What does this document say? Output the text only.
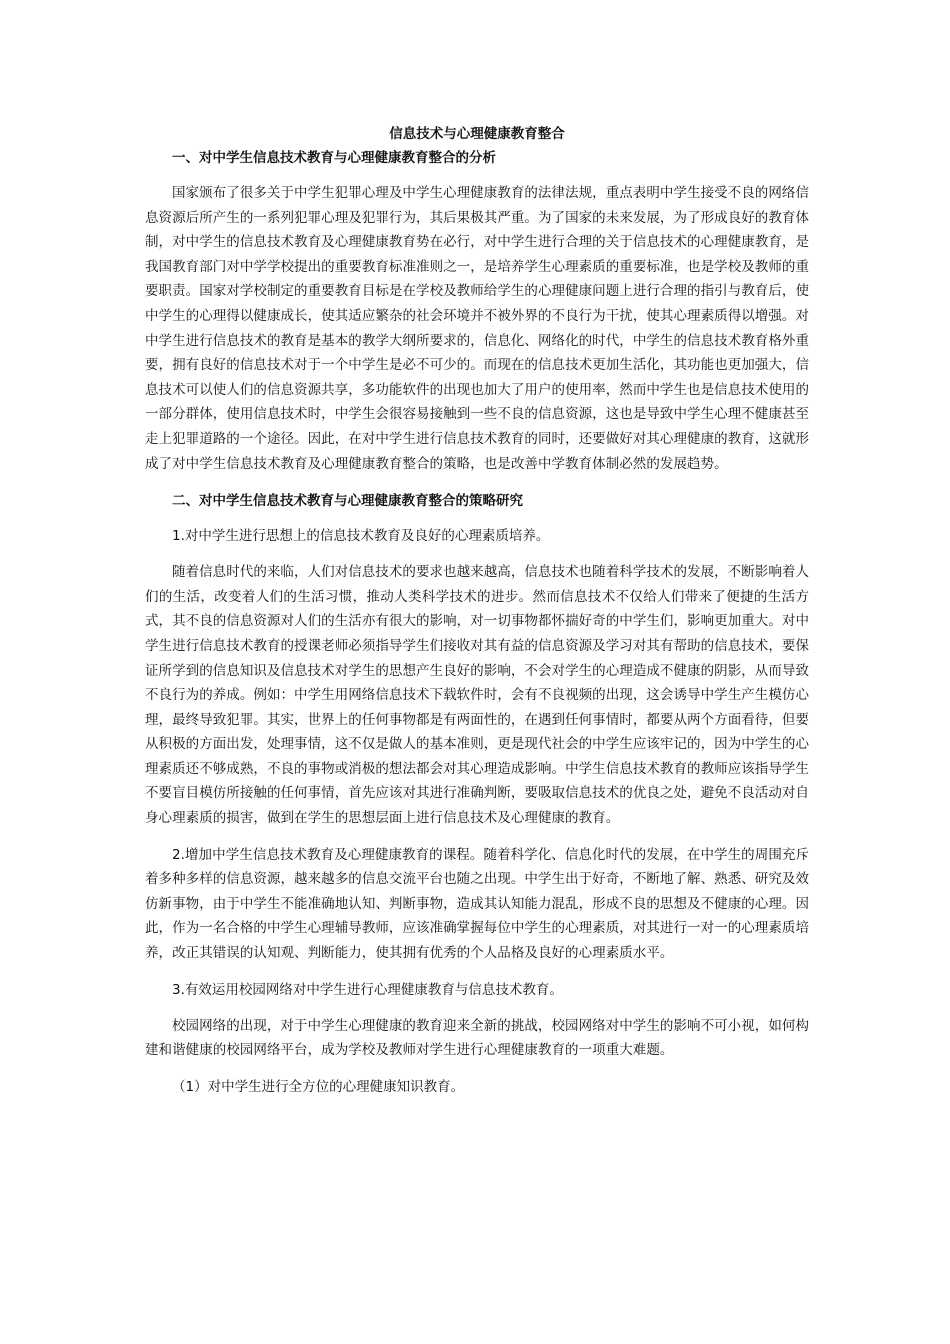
信息技术与心理健康教育整合
一、对中学生信息技术教育与心理健康教育整合的分析

国家颁布了很多关于中学生犯罪心理及中学生心理健康教育的法律法规，重点表明中学生接受不良的网络信息资源后所产生的一系列犯罪心理及犯罪行为，其后果极其严重。为了国家的未来发展，为了形成良好的教育体制，对中学生的信息技术教育及心理健康教育势在必行，对中学生进行合理的关于信息技术的心理健康教育，是我国教育部门对中学学校提出的重要教育标准准则之一，是培养学生心理素质的重要标准，也是学校及教师的重要职责。国家对学校制定的重要教育目标是在学校及教师给学生的心理健康问题上进行合理的指引与教育后，使中学生的心理得以健康成长，使其适应繁杂的社会环境并不被外界的不良行为干扰，使其心理素质得以增强。对中学生进行信息技术的教育是基本的教学大纲所要求的，信息化、网络化的时代，中学生的信息技术教育格外重要，拥有良好的信息技术对于一个中学生是必不可少的。而现在的信息技术更加生活化，其功能也更加强大，信息技术可以使人们的信息资源共享，多功能软件的出现也加大了用户的使用率，然而中学生也是信息技术使用的一部分群体，使用信息技术时，中学生会很容易接触到一些不良的信息资源，这也是导致中学生心理不健康甚至走上犯罪道路的一个途径。因此，在对中学生进行信息技术教育的同时，还要做好对其心理健康的教育，这就形成了对中学生信息技术教育及心理健康教育整合的策略，也是改善中学教育体制必然的发展趋势。

二、对中学生信息技术教育与心理健康教育整合的策略研究
1.对中学生进行思想上的信息技术教育及良好的心理素质培养。

随着信息时代的来临，人们对信息技术的要求也越来越高，信息技术也随着科学技术的发展，不断影响着人们的生活，改变着人们的生活习惯，推动人类科学技术的进步。然而信息技术不仅给人们带来了便捷的生活方式，其不良的信息资源对人们的生活亦有很大的影响，对一切事物都怀揣好奇的中学生们，影响更加重大。对中学生进行信息技术教育的授课老师必须指导学生们接收对其有益的信息资源及学习对其有帮助的信息技术，要保证所学到的信息知识及信息技术对学生的思想产生良好的影响，不会对学生的心理造成不健康的阴影，从而导致不良行为的养成。例如：中学生用网络信息技术下载软件时，会有不良视频的出现，这会诱导中学生产生模仿心理，最终导致犯罪。其实，世界上的任何事物都是有两面性的，在遇到任何事情时，都要从两个方面看待，但要从积极的方面出发，处理事情，这不仅是做人的基本准则，更是现代社会的中学生应该牢记的，因为中学生的心理素质还不够成熟，不良的事物或消极的想法都会对其心理造成影响。中学生信息技术教育的教师应该指导学生不要盲目模仿所接触的任何事情，首先应该对其进行准确判断，要吸取信息技术的优良之处，避免不良活动对自身心理素质的损害，做到在学生的思想层面上进行信息技术及心理健康的教育。

2.增加中学生信息技术教育及心理健康教育的课程。随着科学化、信息化时代的发展，在中学生的周围充斥着多种多样的信息资源，越来越多的信息交流平台也随之出现。中学生出于好奇，不断地了解、熟悉、研究及效仿新事物，由于中学生不能准确地认知、判断事物，造成其认知能力混乱，形成不良的思想及不健康的心理。因此，作为一名合格的中学生心理辅导教师，应该准确掌握每位中学生的心理素质，对其进行一对一的心理素质培养，改正其错误的认知观、判断能力，使其拥有优秀的个人品格及良好的心理素质水平。

3.有效运用校园网络对中学生进行心理健康教育与信息技术教育。

校园网络的出现，对于中学生心理健康的教育迎来全新的挑战，校园网络对中学生的影响不可小视，如何构建和谐健康的校园网络平台，成为学校及教师对学生进行心理健康教育的一项重大难题。

（1）对中学生进行全方位的心理健康知识教育。
